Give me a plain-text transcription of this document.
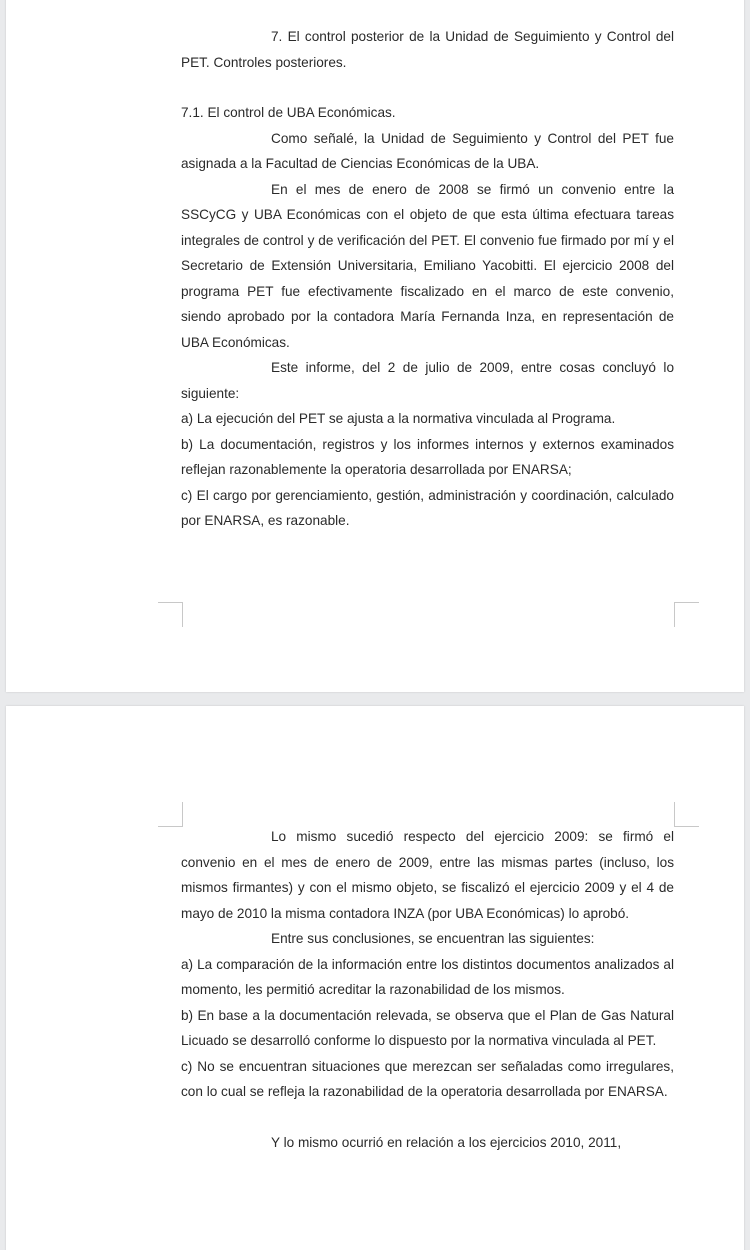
7. El control posterior de la Unidad de Seguimiento y Control del PET. Controles posteriores.

7.1. El control de UBA Económicas.

Como señalé, la Unidad de Seguimiento y Control del PET fue asignada a la Facultad de Ciencias Económicas de la UBA.

En el mes de enero de 2008 se firmó un convenio entre la SSCyCG y UBA Económicas con el objeto de que esta última efectuara tareas integrales de control y de verificación del PET. El convenio fue firmado por mí y el Secretario de Extensión Universitaria, Emiliano Yacobitti. El ejercicio 2008 del programa PET fue efectivamente fiscalizado en el marco de este convenio, siendo aprobado por la contadora María Fernanda Inza, en representación de UBA Económicas.

Este informe, del 2 de julio de 2009, entre cosas concluyó lo siguiente:

a) La ejecución del PET se ajusta a la normativa vinculada al Programa.

b) La documentación, registros y los informes internos y externos examinados reflejan razonablemente la operatoria desarrollada por ENARSA;

c) El cargo por gerenciamiento, gestión, administración y coordinación, calculado por ENARSA, es razonable.

Lo mismo sucedió respecto del ejercicio 2009: se firmó el convenio en el mes de enero de 2009, entre las mismas partes (incluso, los mismos firmantes) y con el mismo objeto, se fiscalizó el ejercicio 2009 y el 4 de mayo de 2010 la misma contadora INZA (por UBA Económicas) lo aprobó.

Entre sus conclusiones, se encuentran las siguientes:

a) La comparación de la información entre los distintos documentos analizados al momento, les permitió acreditar la razonabilidad de los mismos.

b) En base a la documentación relevada, se observa que el Plan de Gas Natural Licuado se desarrolló conforme lo dispuesto por la normativa vinculada al PET.

c) No se encuentran situaciones que merezcan ser señaladas como irregulares, con lo cual se refleja la razonabilidad de la operatoria desarrollada por ENARSA.

Y lo mismo ocurrió en relación a los ejercicios 2010, 2011,
